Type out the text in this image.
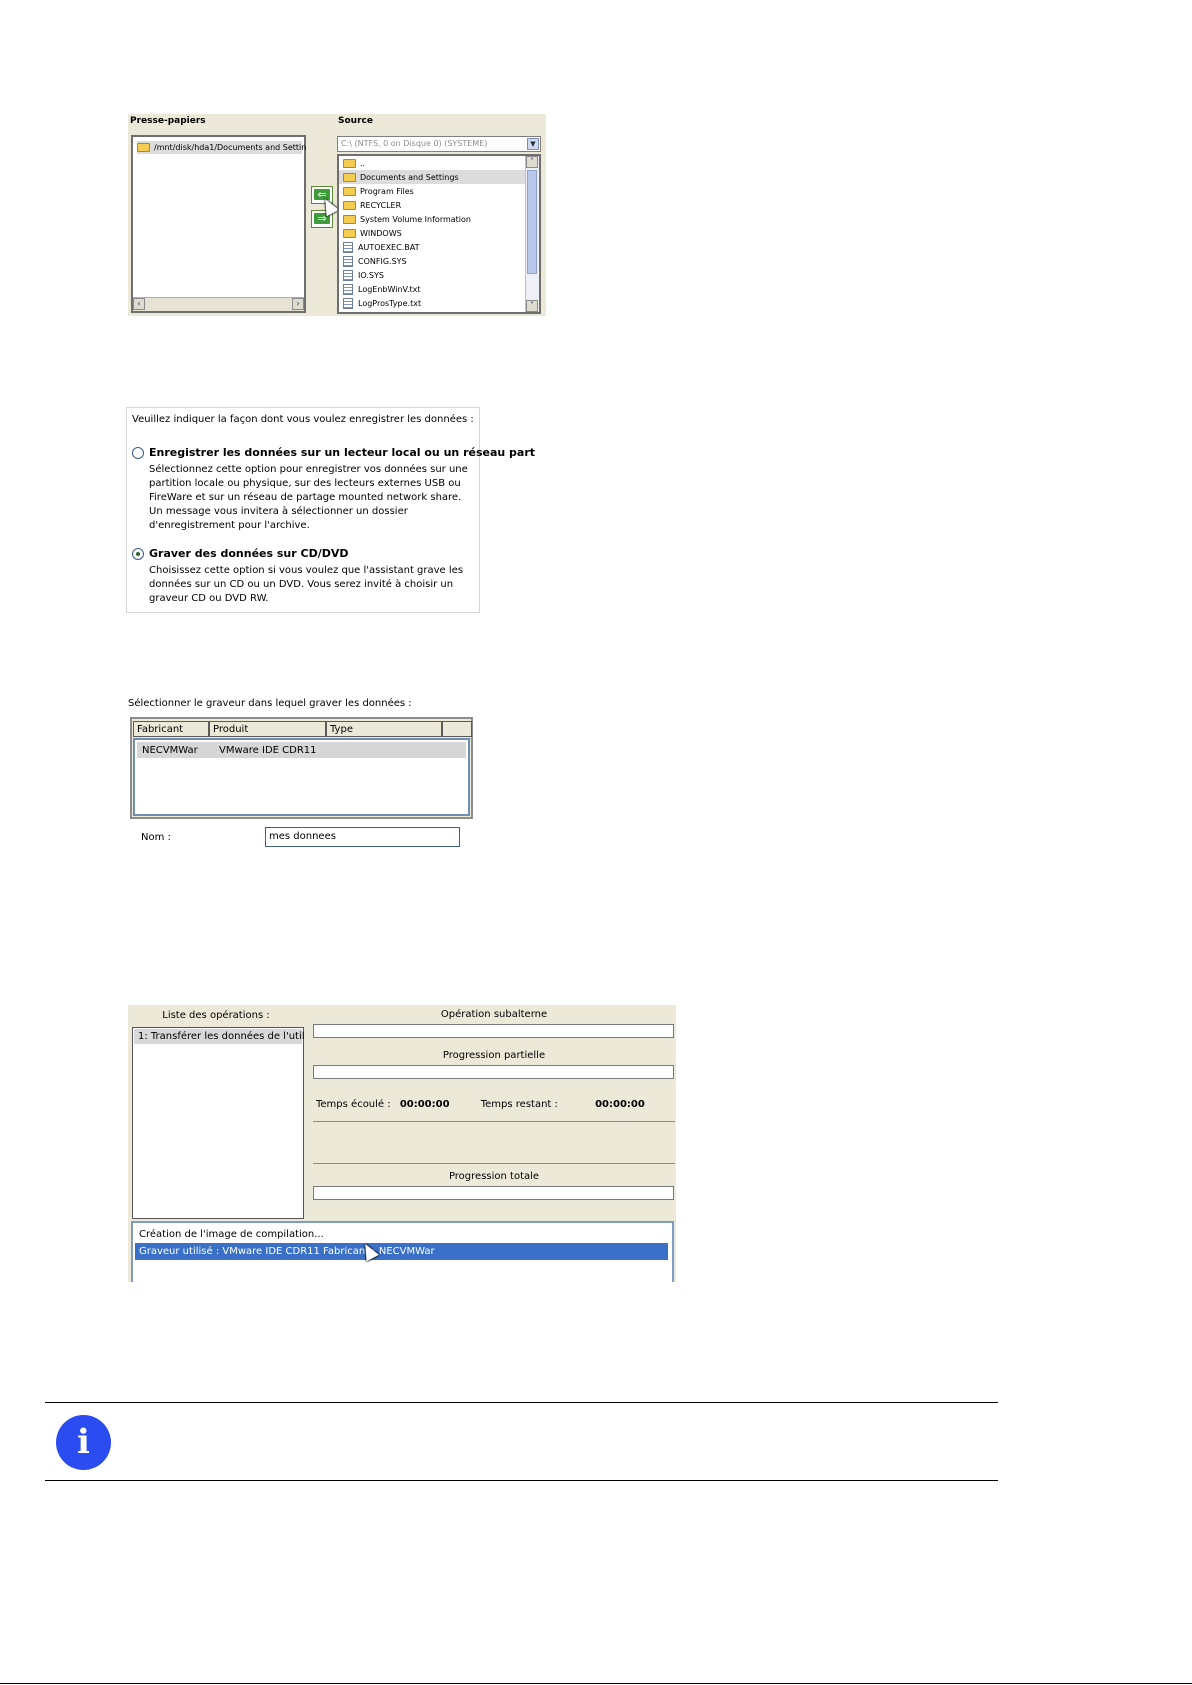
Presse-papiers	Source
/mnt/disk/hda1/Documents and Settin
‹	›
⇐
⇒
C:\ (NTFS, 0 on Disque 0) (SYSTEME)	▼
..
Documents and Settings
Program Files
RECYCLER
System Volume Information
WINDOWS
AUTOEXEC.BAT
CONFIG.SYS
IO.SYS
LogEnbWinV.txt
LogProsType.txt
˄
˅
Veuillez indiquer la façon dont vous voulez enregistrer les données :
Enregistrer les données sur un lecteur local ou un réseau part
Sélectionnez cette option pour enregistrer vos données sur une
partition locale ou physique, sur des lecteurs externes USB ou
FireWare et sur un réseau de partage mounted network share.
Un message vous invitera à sélectionner un dossier
d'enregistrement pour l'archive.
Graver des données sur CD/DVD
Choisissez cette option si vous voulez que l'assistant grave les
données sur un CD ou un DVD. Vous serez invité à choisir un
graveur CD ou DVD RW.
Sélectionner le graveur dans lequel graver les données :
Fabricant	Produit	Type
NECVMWar	VMware IDE CDR11
Nom :	mes donnees
Liste des opérations :
1: Transférer les données de l'util
Opération subalterne
Progression partielle
Temps écoulé : 00:00:00	Temps restant :	00:00:00
Progression totale
Création de l'image de compilation...
Graveur utilisé : VMware IDE CDR11 Fabricant : NECVMWar
i
